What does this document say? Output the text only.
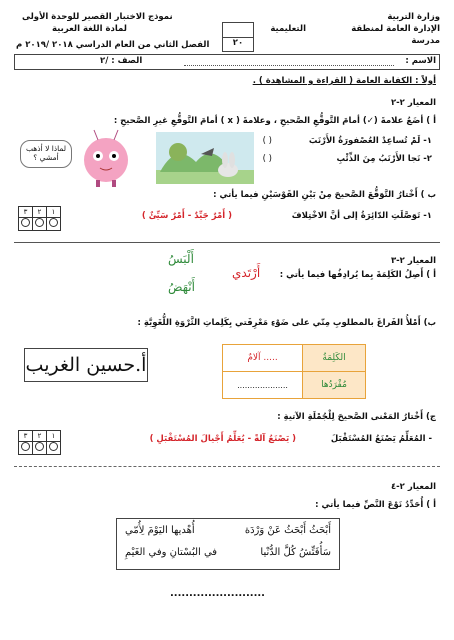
وزارة التربية
الإدارة العامة لمنطقة
التعليمية
مدرسة
٢٠
نموذج الاختبار القصير للوحدة الأولى
لمادة اللغة العربية
الفصل الثاني من العام الدراسي ٢٠١٨ /٢٠١٩ م
الاسم :
الصف : /٢
أولاً : الكفاية العامة ( القراءة و المشاهدة ) .
المعيار ٢-٢
أ ) أضَعُ علامةَ (✓) أمامَ التَّوقُّعِ الصَّحيحِ ، وعلامةَ ( x ) أمامَ التَّوقُّعِ غيرِ الصَّحيحِ :
١- لَمْ تُساعِدْ العُصْفورَةُ الأَرْنَبَ
( )
٢- نَجا الأَرْنَبُ مِنَ الذِّئْبِ
( )
لماذا لا أذهب أمشي ؟
ب ) أَخْتارُ التَّوَقُّعَ الصَّحيحَ مِنْ بَيْنِ القَوْسَيْنِ فيما يأتي :
١- تَوَصَّلَتِ الدّائِرَةُ إلى أنَّ الاخْتِلافَ
( أَمْرٌ جَيِّدٌ - أَمْرٌ سَيِّئٌ )
٣	٢	١

المعيار ٢-٣
أ ) أَصِلُ الكَلِمَةَ بِما يُرادِفُها فيما يأتي :
أَلْبَسُ
أَرْتَدي
أَنْهَضُ
ب) أَمْلأُ الفَراغَ بالمطلوبِ مِنّي على ضَوْءِ مَعْرِفَتي بِكَلِماتِ الثَّرْوَةِ اللُّغَوِيَّةِ :
الكَلِمَةُ	..... آلامٌ
مُفْرَدُها	....................
أ.حسين الغريب
ج) أَخْتارُ المَعْنى الصَّحيحَ لِلْجُمْلَةِ الآتيةِ :
- المُعَلِّمُ يَصْنَعُ المُسْتَقْبَلَ
( يَصْنَعُ آلةً - يُعَلِّمُ أَجْيالَ المُسْتَقْبَلِ )
٣	٢	١

المعيار ٢-٤
أ ) أُحَدِّدُ نَوْعَ النَّصِّ فيما يأتي :
أَبْحَثُ أَبْحَثُ عَنْ وَرْدَة
أُهْديها اليَوْمَ لِأُمّي
سَأُفَتِّشُ كُلَّ الدُّنْيا
في البُسْتانِ وفي الغَيْمِ
.........................
